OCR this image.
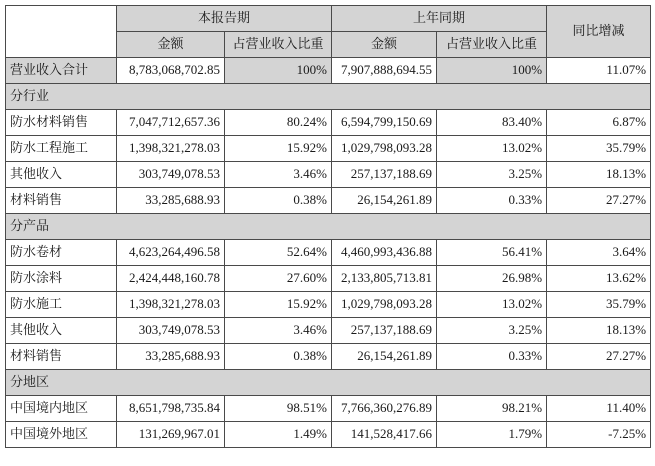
	本报告期		上年同期		同比增减
	金额	占营业收入比重	金额	占营业收入比重	
营业收入合计	8,783,068,702.85	100%	7,907,888,694.55	100%	11.07%
分行业					
防水材料销售	7,047,712,657.36	80.24%	6,594,799,150.69	83.40%	6.87%
防水工程施工	1,398,321,278.03	15.92%	1,029,798,093.28	13.02%	35.79%
其他收入	303,749,078.53	3.46%	257,137,188.69	3.25%	18.13%
材料销售	33,285,688.93	0.38%	26,154,261.89	0.33%	27.27%
分产品					
防水卷材	4,623,264,496.58	52.64%	4,460,993,436.88	56.41%	3.64%
防水涂料	2,424,448,160.78	27.60%	2,133,805,713.81	26.98%	13.62%
防水施工	1,398,321,278.03	15.92%	1,029,798,093.28	13.02%	35.79%
其他收入	303,749,078.53	3.46%	257,137,188.69	3.25%	18.13%
材料销售	33,285,688.93	0.38%	26,154,261.89	0.33%	27.27%
分地区					
中国境内地区	8,651,798,735.84	98.51%	7,766,360,276.89	98.21%	11.40%
中国境外地区	131,269,967.01	1.49%	141,528,417.66	1.79%	-7.25%
